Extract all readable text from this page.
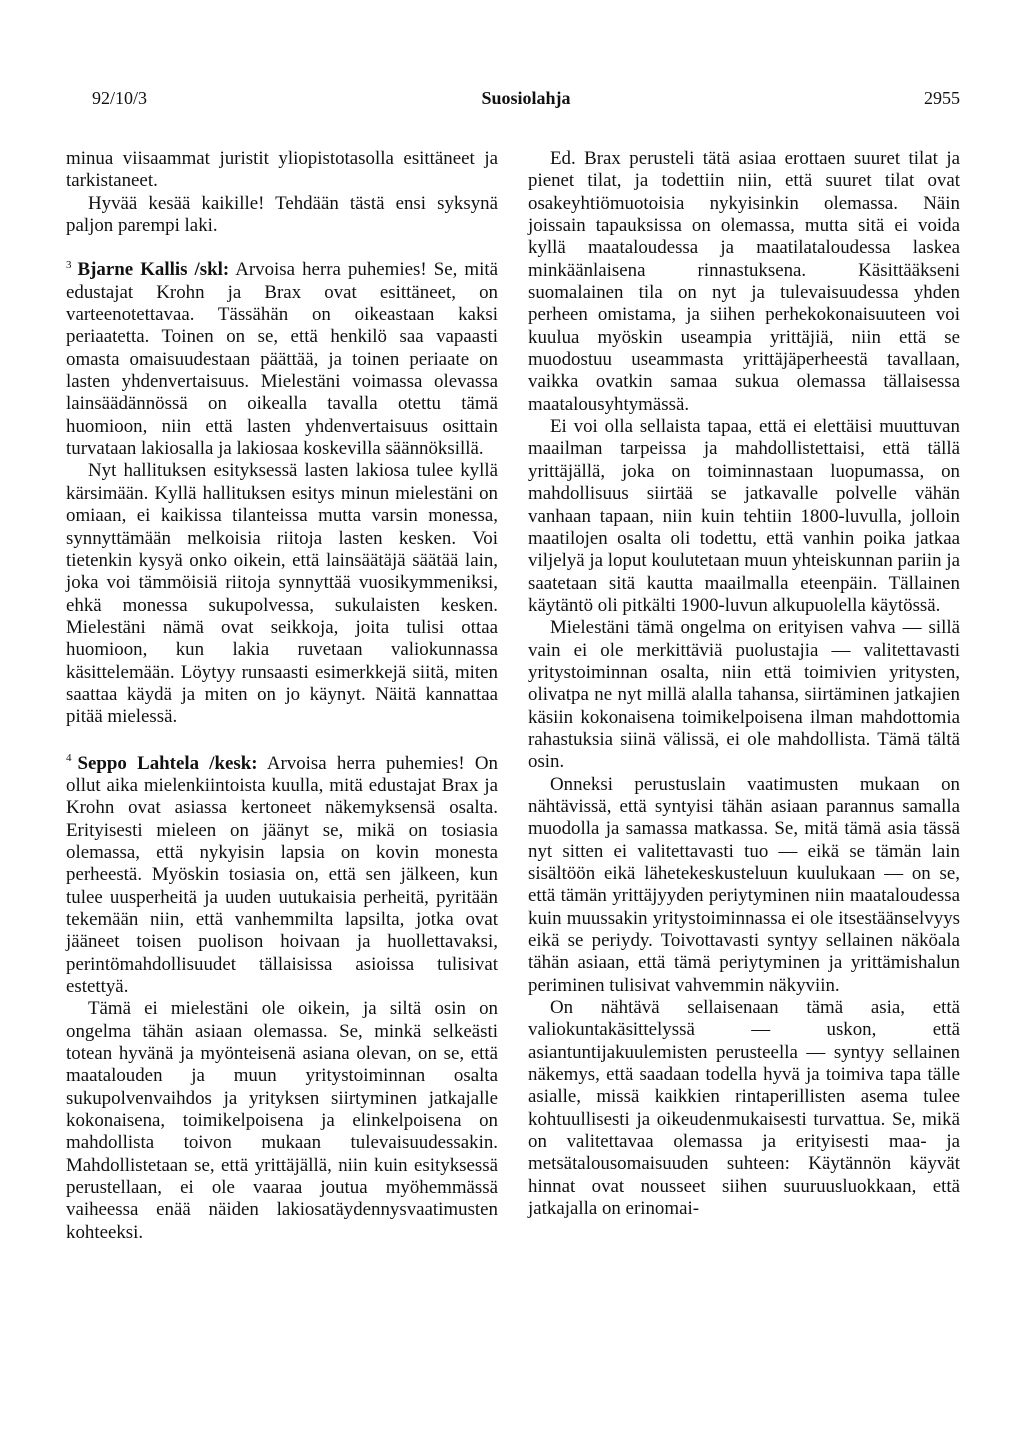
92/10/3	Suosiolahja	2955

minua viisaammat juristit yliopistotasolla esittäneet ja tarkistaneet.

Hyvää kesää kaikille! Tehdään tästä ensi syksynä paljon parempi laki.

$^3$ Bjarne Kallis /skl: Arvoisa herra puhemies! Se, mitä edustajat Krohn ja Brax ovat esittäneet, on varteenotettavaa. Tässähän on oikeastaan kaksi periaatetta. Toinen on se, että henkilö saa vapaasti omasta omaisuudestaan päättää, ja toinen periaate on lasten yhdenvertaisuus. Mielestäni voimassa olevassa lainsäädännössä on oikealla tavalla otettu tämä huomioon, niin että lasten yhdenvertaisuus osittain turvataan lakiosalla ja lakiosaa koskevilla säännöksillä.

Nyt hallituksen esityksessä lasten lakiosa tulee kyllä kärsimään. Kyllä hallituksen esitys minun mielestäni on omiaan, ei kaikissa tilanteissa mutta varsin monessa, synnyttämään melkoisia riitoja lasten kesken. Voi tietenkin kysyä onko oikein, että lainsäätäjä säätää lain, joka voi tämmöisiä riitoja synnyttää vuosikymmeniksi, ehkä monessa sukupolvessa, sukulaisten kesken. Mielestäni nämä ovat seikkoja, joita tulisi ottaa huomioon, kun lakia ruvetaan valiokunnassa käsittelemään. Löytyy runsaasti esimerkkejä siitä, miten saattaa käydä ja miten on jo käynyt. Näitä kannattaa pitää mielessä.

$^4$ Seppo Lahtela /kesk: Arvoisa herra puhemies! On ollut aika mielenkiintoista kuulla, mitä edustajat Brax ja Krohn ovat asiassa kertoneet näkemyksensä osalta. Erityisesti mieleen on jäänyt se, mikä on tosiasia olemassa, että nykyisin lapsia on kovin monesta perheestä. Myöskin tosiasia on, että sen jälkeen, kun tulee uusperheitä ja uuden uutukaisia perheitä, pyritään tekemään niin, että vanhemmilta lapsilta, jotka ovat jääneet toisen puolison hoivaan ja huollettavaksi, perintömahdollisuudet tällaisissa asioissa tulisivat estettyä.

Tämä ei mielestäni ole oikein, ja siltä osin on ongelma tähän asiaan olemassa. Se, minkä selkeästi totean hyvänä ja myönteisenä asiana olevan, on se, että maatalouden ja muun yritystoiminnan osalta sukupolvenvaihdos ja yrityksen siirtyminen jatkajalle kokonaisena, toimikelpoisena ja elinkelpoisena on mahdollista toivon mukaan tulevaisuudessakin. Mahdollistetaan se, että yrittäjällä, niin kuin esityksessä perustellaan, ei ole vaaraa joutua myöhemmässä vaiheessa enää näiden lakiosatäydennysvaatimusten kohteeksi.

Ed. Brax perusteli tätä asiaa erottaen suuret tilat ja pienet tilat, ja todettiin niin, että suuret tilat ovat osakeyhtiömuotoisia nykyisinkin olemassa. Näin joissain tapauksissa on olemassa, mutta sitä ei voida kyllä maataloudessa ja maatilataloudessa laskea minkäänlaisena rinnastuksena. Käsittääkseni suomalainen tila on nyt ja tulevaisuudessa yhden perheen omistama, ja siihen perhekokonaisuuteen voi kuulua myöskin useampia yrittäjiä, niin että se muodostuu useammasta yrittäjäperheestä tavallaan, vaikka ovatkin samaa sukua olemassa tällaisessa maatalousyhtymässä.

Ei voi olla sellaista tapaa, että ei elettäisi muuttuvan maailman tarpeissa ja mahdollistettaisi, että tällä yrittäjällä, joka on toiminnastaan luopumassa, on mahdollisuus siirtää se jatkavalle polvelle vähän vanhaan tapaan, niin kuin tehtiin 1800-luvulla, jolloin maatilojen osalta oli todettu, että vanhin poika jatkaa viljelyä ja loput koulutetaan muun yhteiskunnan pariin ja saatetaan sitä kautta maailmalla eteenpäin. Tällainen käytäntö oli pitkälti 1900-luvun alkupuolella käytössä.

Mielestäni tämä ongelma on erityisen vahva — sillä vain ei ole merkittäviä puolustajia — valitettavasti yritystoiminnan osalta, niin että toimivien yritysten, olivatpa ne nyt millä alalla tahansa, siirtäminen jatkajien käsiin kokonaisena toimikelpoisena ilman mahdottomia rahastuksia siinä välissä, ei ole mahdollista. Tämä tältä osin.

Onneksi perustuslain vaatimusten mukaan on nähtävissä, että syntyisi tähän asiaan parannus samalla muodolla ja samassa matkassa. Se, mitä tämä asia tässä nyt sitten ei valitettavasti tuo — eikä se tämän lain sisältöön eikä lähetekeskusteluun kuulukaan — on se, että tämän yrittäjyyden periytyminen niin maataloudessa kuin muussakin yritystoiminnassa ei ole itsestäänselvyys eikä se periydy. Toivottavasti syntyy sellainen näköala tähän asiaan, että tämä periytyminen ja yrittämishalun periminen tulisivat vahvemmin näkyviin.

On nähtävä sellaisenaan tämä asia, että valiokuntakäsittelyssä — uskon, että asiantuntijakuulemisten perusteella — syntyy sellainen näkemys, että saadaan todella hyvä ja toimiva tapa tälle asialle, missä kaikkien rintaperillisten asema tulee kohtuullisesti ja oikeudenmukaisesti turvattua. Se, mikä on valitettavaa olemassa ja erityisesti maa- ja metsätalousomaisuuden suhteen: Käytännön käyvät hinnat ovat nousseet siihen suuruusluokkaan, että jatkajalla on erinomai-
